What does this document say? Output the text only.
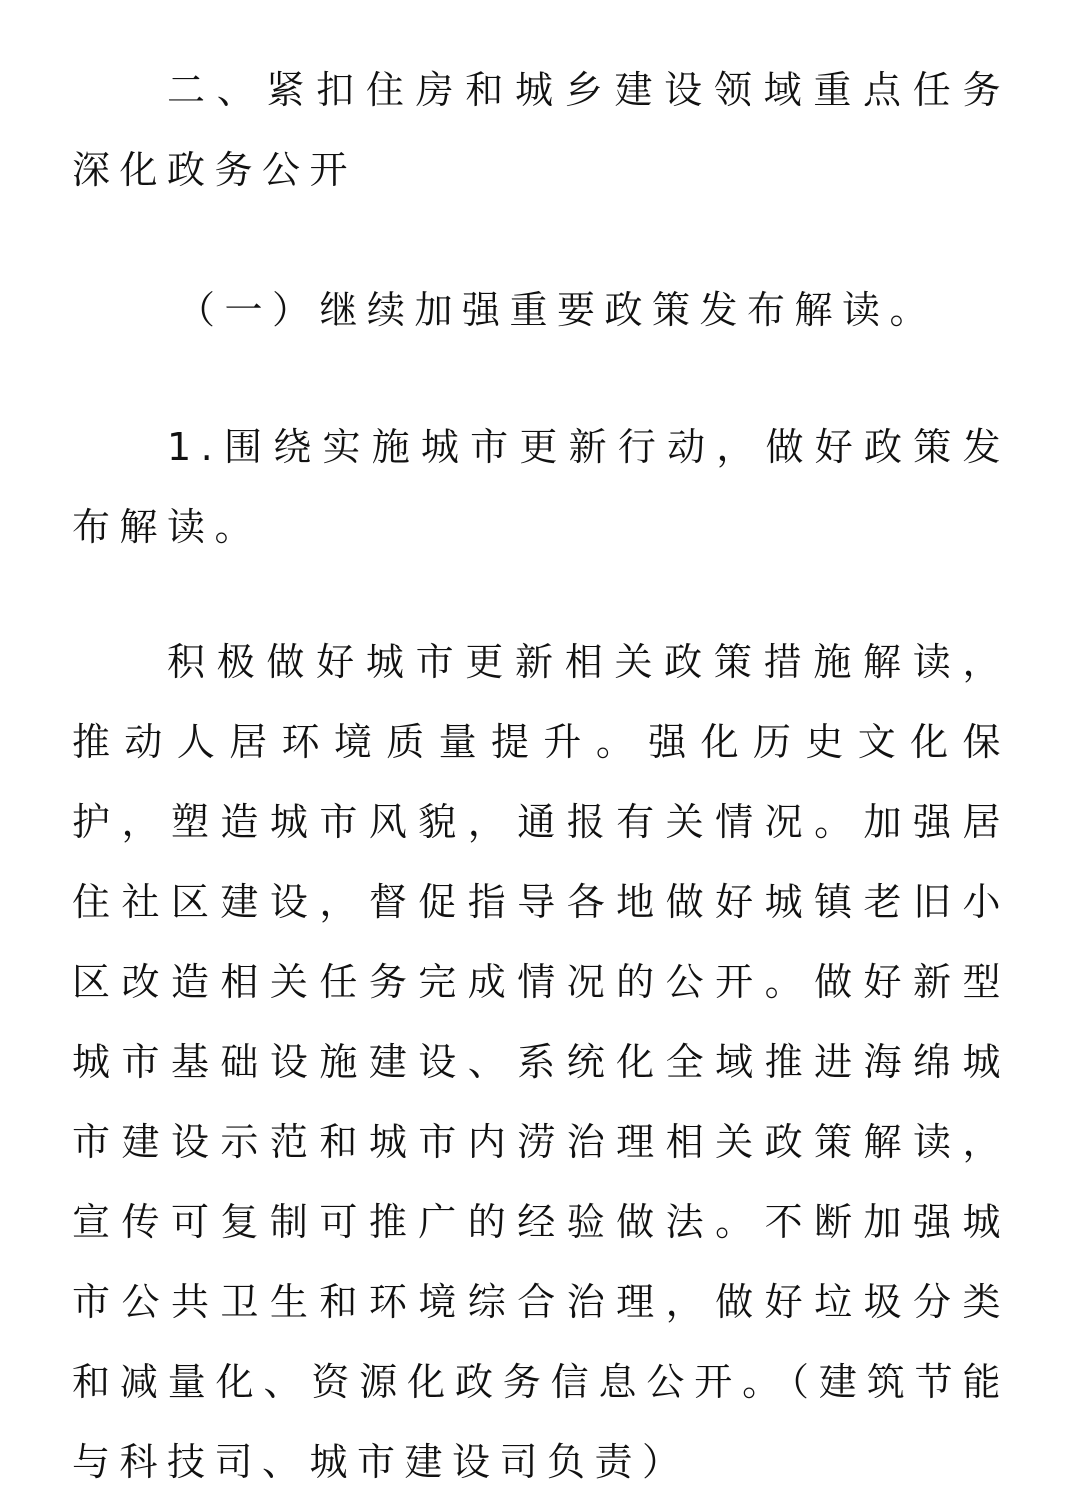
二、紧扣住房和城乡建设领域重点任务深化政务公开

（一）继续加强重要政策发布解读。

1.围绕实施城市更新行动，做好政策发布解读。

积极做好城市更新相关政策措施解读，推动人居环境质量提升。强化历史文化保护，塑造城市风貌，通报有关情况。加强居住社区建设，督促指导各地做好城镇老旧小区改造相关任务完成情况的公开。做好新型城市基础设施建设、系统化全域推进海绵城市建设示范和城市内涝治理相关政策解读，宣传可复制可推广的经验做法。不断加强城市公共卫生和环境综合治理，做好垃圾分类和减量化、资源化政务信息公开。（建筑节能与科技司、城市建设司负责）
